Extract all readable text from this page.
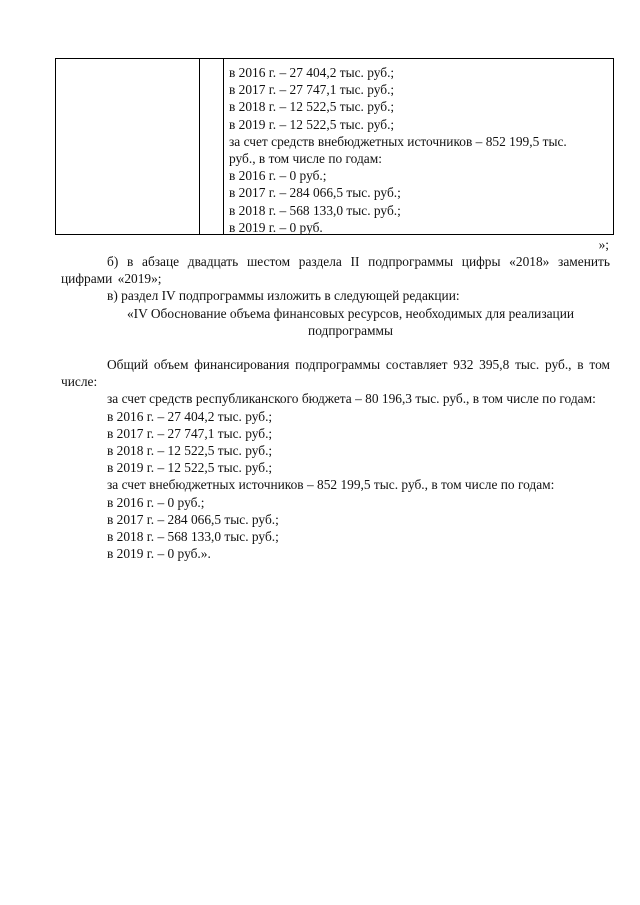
в 2016 г. – 27 404,2 тыс. руб.;
в 2017 г. – 27 747,1 тыс. руб.;
в 2018 г. – 12 522,5 тыс. руб.;
в 2019 г. – 12 522,5 тыс. руб.;
за счет средств внебюджетных источников – 852 199,5 тыс.
руб., в том числе по годам:
в 2016 г. – 0 руб.;
в 2017 г. – 284 066,5 тыс. руб.;
в 2018 г. – 568 133,0 тыс. руб.;
в 2019 г. – 0 руб.
»;

б) в абзаце двадцать шестом раздела II подпрограммы цифры «2018» заменить цифрами «2019»;

в) раздел IV подпрограммы изложить в следующей редакции:

«IV Обоснование объема финансовых ресурсов, необходимых для реализации подпрограммы

Общий объем финансирования подпрограммы составляет 932 395,8 тыс. руб., в том числе:

за счет средств республиканского бюджета – 80 196,3 тыс. руб., в том числе по годам:

в 2016 г. – 27 404,2 тыс. руб.;

в 2017 г. – 27 747,1 тыс. руб.;

в 2018 г. – 12 522,5 тыс. руб.;

в 2019 г. – 12 522,5 тыс. руб.;

за счет внебюджетных источников – 852 199,5 тыс. руб., в том числе по годам:

в 2016 г. – 0 руб.;

в 2017 г. – 284 066,5 тыс. руб.;

в 2018 г. – 568 133,0 тыс. руб.;

в 2019 г. – 0 руб.».
